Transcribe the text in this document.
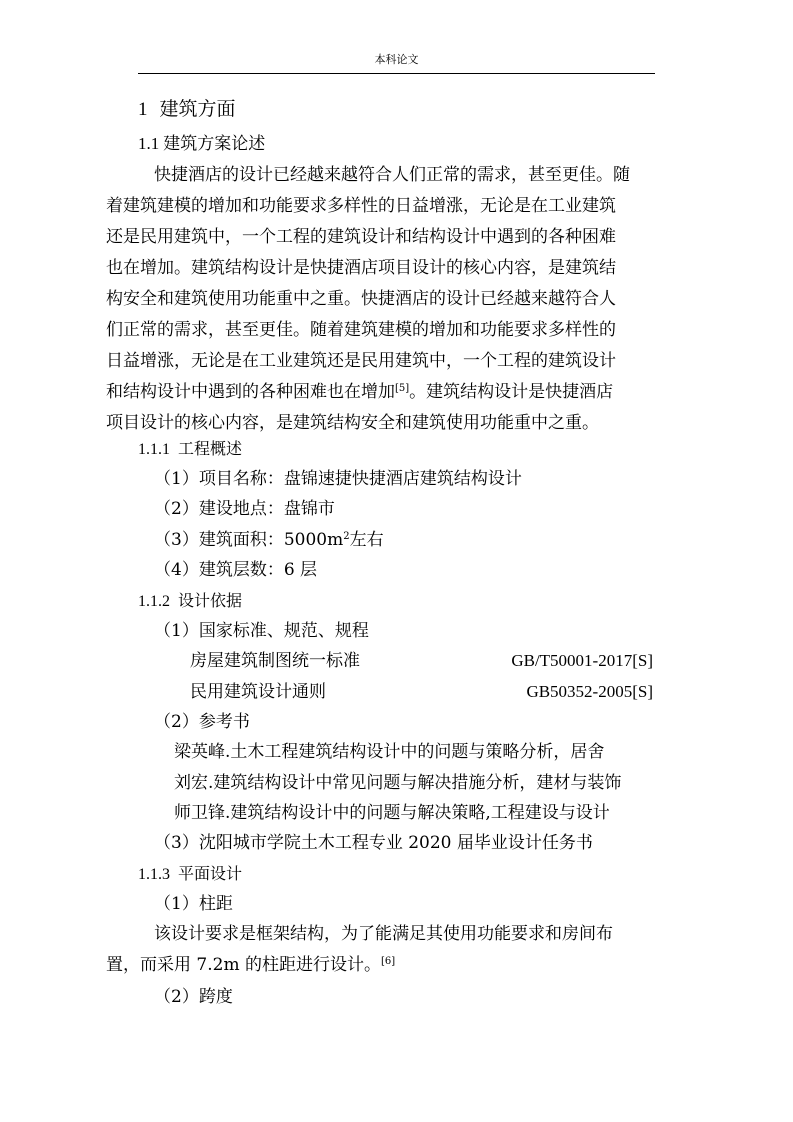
本科论文
1 建筑方面
1.1 建筑方案论述
快捷酒店的设计已经越来越符合人们正常的需求，甚至更佳。随
着建筑建模的增加和功能要求多样性的日益增涨，无论是在工业建筑
还是民用建筑中，一个工程的建筑设计和结构设计中遇到的各种困难
也在增加。建筑结构设计是快捷酒店项目设计的核心内容，是建筑结
构安全和建筑使用功能重中之重。快捷酒店的设计已经越来越符合人
们正常的需求，甚至更佳。随着建筑建模的增加和功能要求多样性的
日益增涨，无论是在工业建筑还是民用建筑中，一个工程的建筑设计
和结构设计中遇到的各种困难也在增加[5]。建筑结构设计是快捷酒店
项目设计的核心内容，是建筑结构安全和建筑使用功能重中之重。
1.1.1 工程概述
（1）项目名称：盘锦速捷快捷酒店建筑结构设计
（2）建设地点：盘锦市
（3）建筑面积：$5000m^2$左右
（4）建筑层数：6 层
1.1.2 设计依据
（1）国家标准、规范、规程
房屋建筑制图统一标准	GB/T50001-2017[S]
民用建筑设计通则	GB50352-2005[S]
（2）参考书
梁英峰.土木工程建筑结构设计中的问题与策略分析，居舍
刘宏.建筑结构设计中常见问题与解决措施分析，建材与装饰
师卫锋.建筑结构设计中的问题与解决策略,工程建设与设计
（3）沈阳城市学院土木工程专业 2020 届毕业设计任务书
1.1.3 平面设计
（1）柱距
该设计要求是框架结构，为了能满足其使用功能要求和房间布
置，而采用 7.2m 的柱距进行设计。[6]
（2）跨度
